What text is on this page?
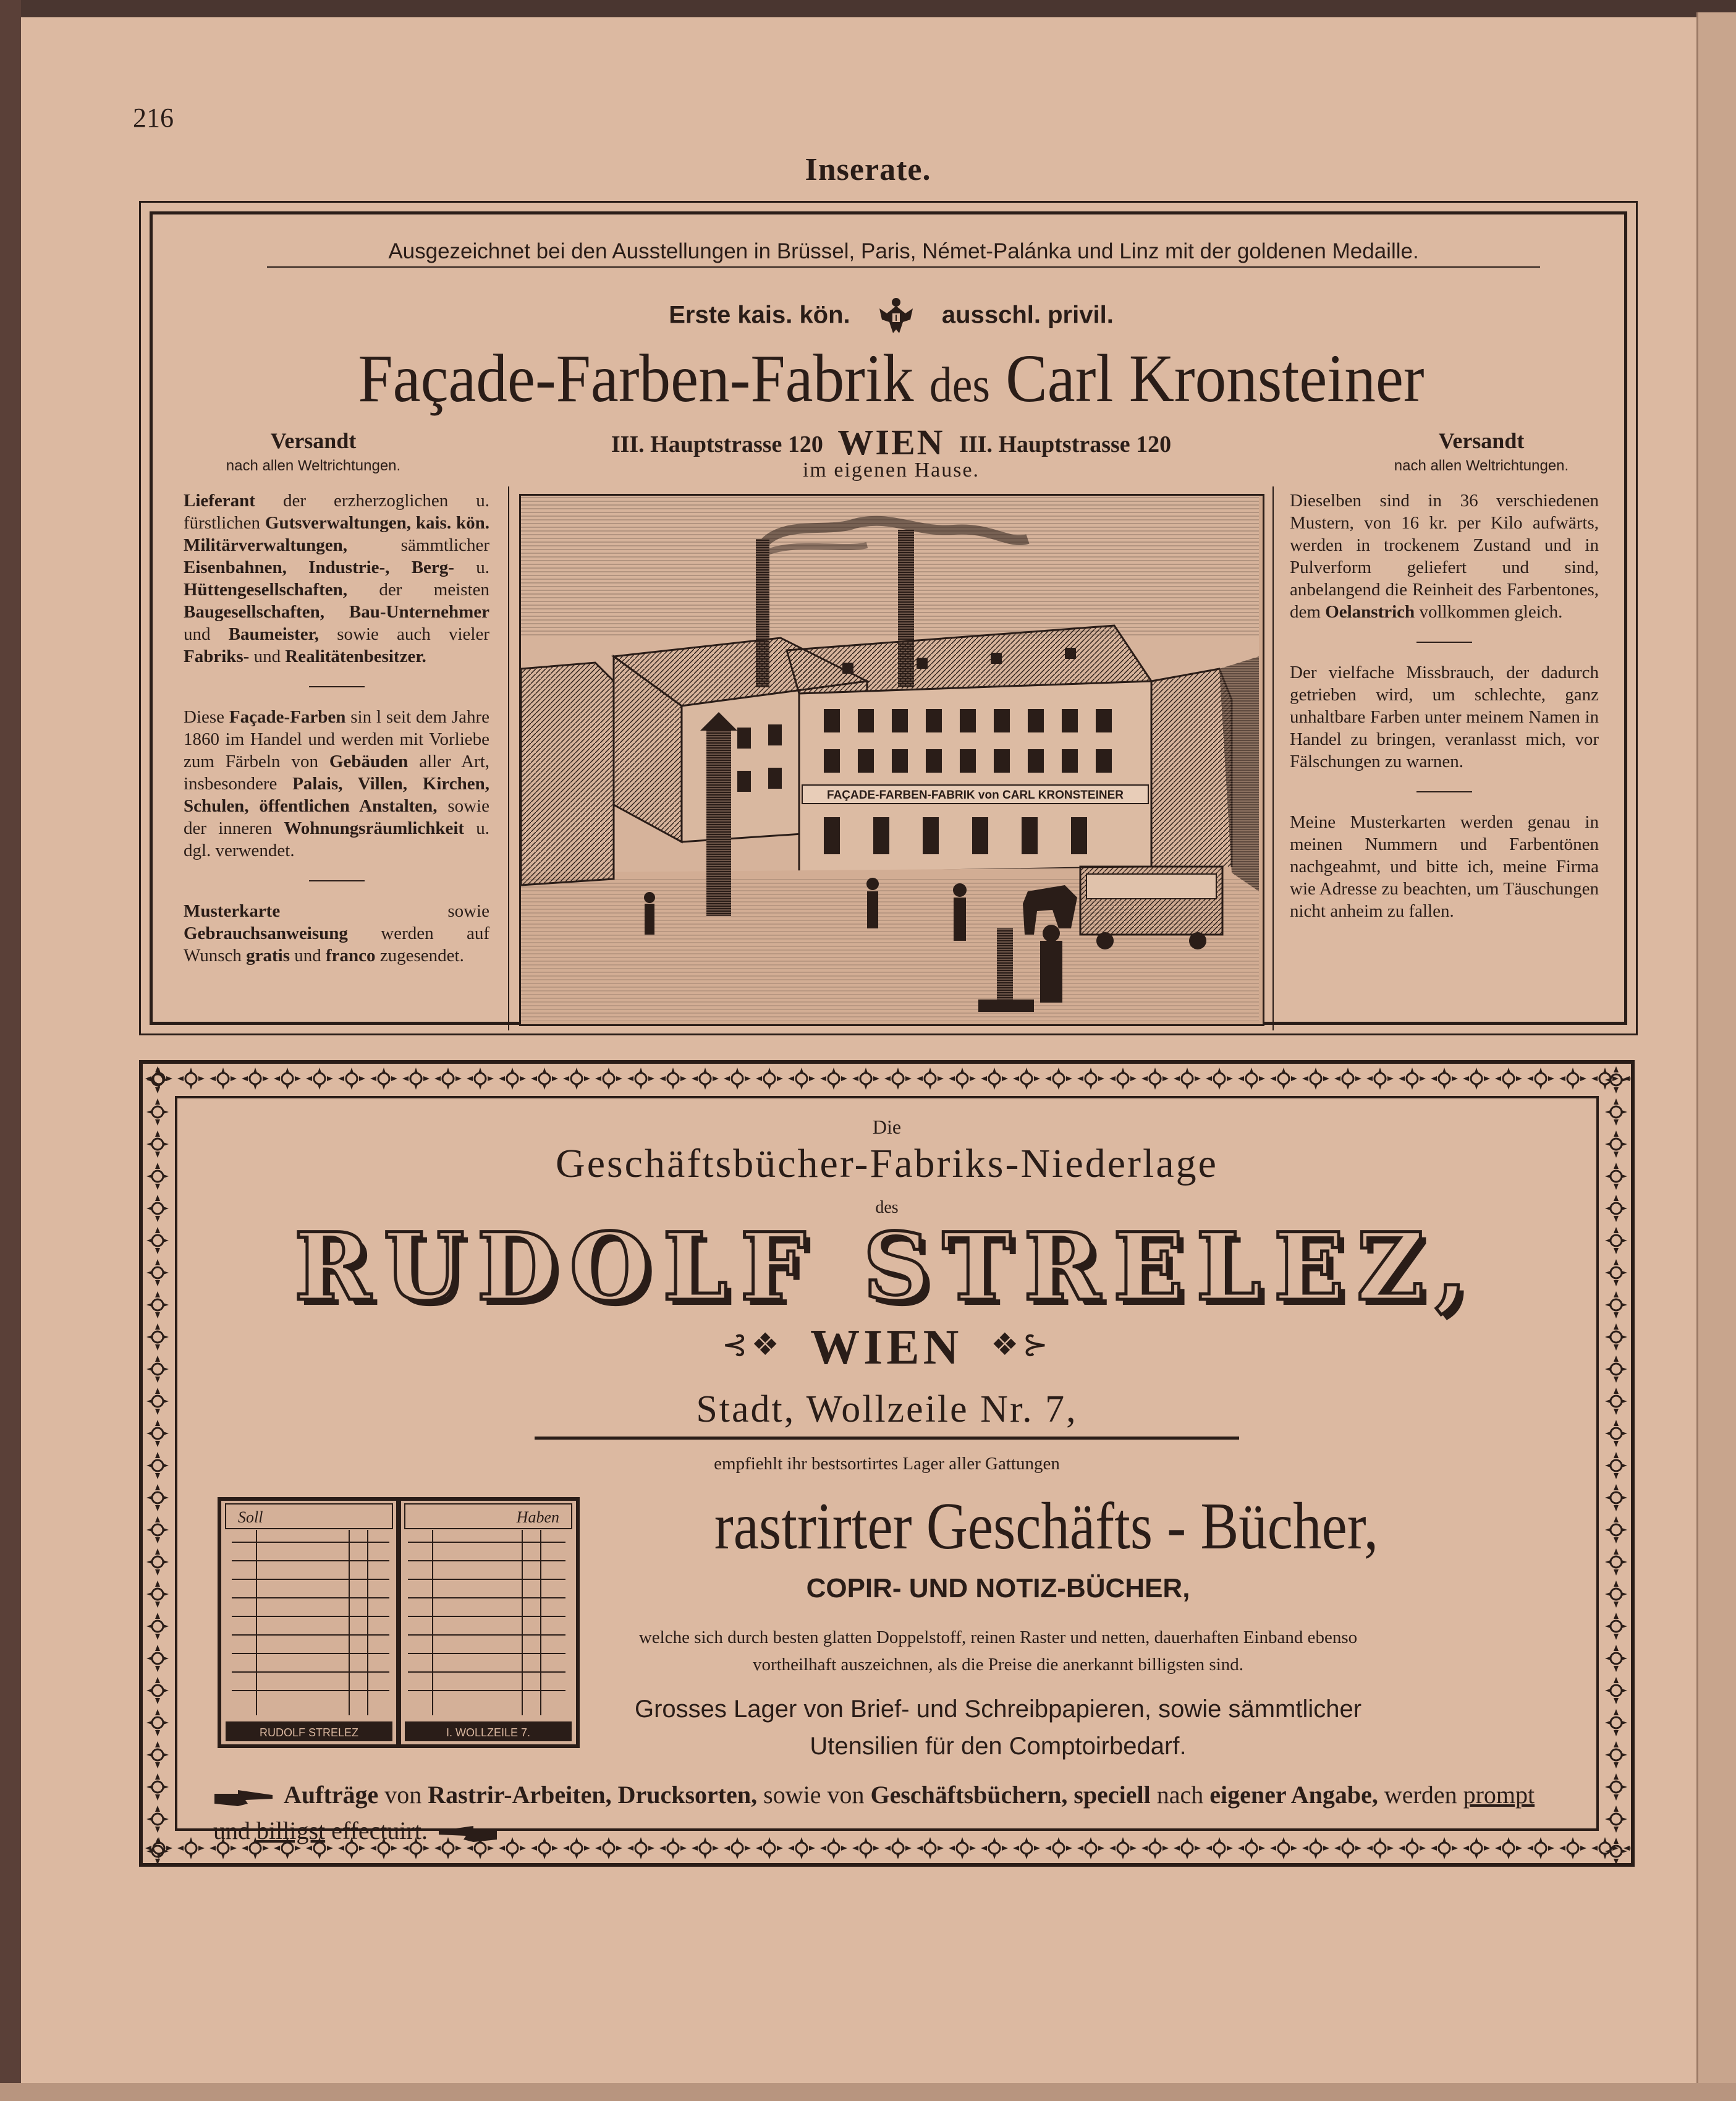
216
Inserate.
Ausgezeichnet bei den Ausstellungen in Brüssel, Paris, Német-Palánka und Linz mit der goldenen Medaille.
Erste kais. kön.	ausschl. privil.
Façade-Farben-Fabrik des Carl Kronsteiner
Versandt
nach allen Weltrichtungen.
III. Hauptstrasse 120 WIEN III. Hauptstrasse 120
im eigenen Hause.
Versandt
nach allen Weltrichtungen.
Lieferant der erzherzoglichen u. fürstlichen Gutsverwaltungen, kais. kön. Militärverwaltungen, sämmtlicher Eisenbahnen, Industrie-, Berg- u. Hüttengesellschaften, der meisten Baugesellschaften, Bau-Unternehmer und Baumeister, sowie auch vieler Fabriks- und Realitätenbesitzer.
Diese Façade-Farben sin l seit dem Jahre 1860 im Handel und werden mit Vorliebe zum Färbeln von Gebäuden aller Art, insbesondere Palais, Villen, Kirchen, Schulen, öffentlichen Anstalten, sowie der inneren Wohnungsräumlichkeit u. dgl. verwendet.
Musterkarte sowie Gebrauchsanweisung werden auf Wunsch gratis und franco zugesendet.
FAÇADE-FARBEN-FABRIK von CARL KRONSTEINER
Dieselben sind in 36 verschiedenen Mustern, von 16 kr. per Kilo aufwärts, werden in trockenem Zustand und in Pulverform geliefert und sind, anbelangend die Reinheit des Farbentones, dem Oelanstrich vollkommen gleich.
Der vielfache Missbrauch, der dadurch getrieben wird, um schlechte, ganz unhaltbare Farben unter meinem Namen in Handel zu bringen, veranlasst mich, vor Fälschungen zu warnen.
Meine Musterkarten werden genau in meinen Nummern und Farbentönen nachgeahmt, und bitte ich, meine Firma wie Adresse zu beachten, um Täuschungen nicht anheim zu fallen.
Die
Geschäftsbücher-Fabriks-Niederlage
des
RUDOLF STRELEZ,
⊰❖ WIEN ❖⊱
Stadt, Wollzeile Nr. 7,
empfiehlt ihr bestsortirtes Lager aller Gattungen
Soll	Haben
RUDOLF STRELEZ	I. WOLLZEILE 7.
rastrirter Geschäfts - Bücher,
COPIR- UND NOTIZ-BÜCHER,
welche sich durch besten glatten Doppelstoff, reinen Raster und netten, dauerhaften Einband ebenso vortheilhaft auszeichnen, als die Preise die anerkannt billigsten sind.
Grosses Lager von Brief- und Schreibpapieren, sowie sämmtlicher Utensilien für den Comptoirbedarf.
Aufträge von Rastrir-Arbeiten, Drucksorten, sowie von Geschäftsbüchern, speciell nach eigener Angabe, werden prompt und billigst effectuirt.
